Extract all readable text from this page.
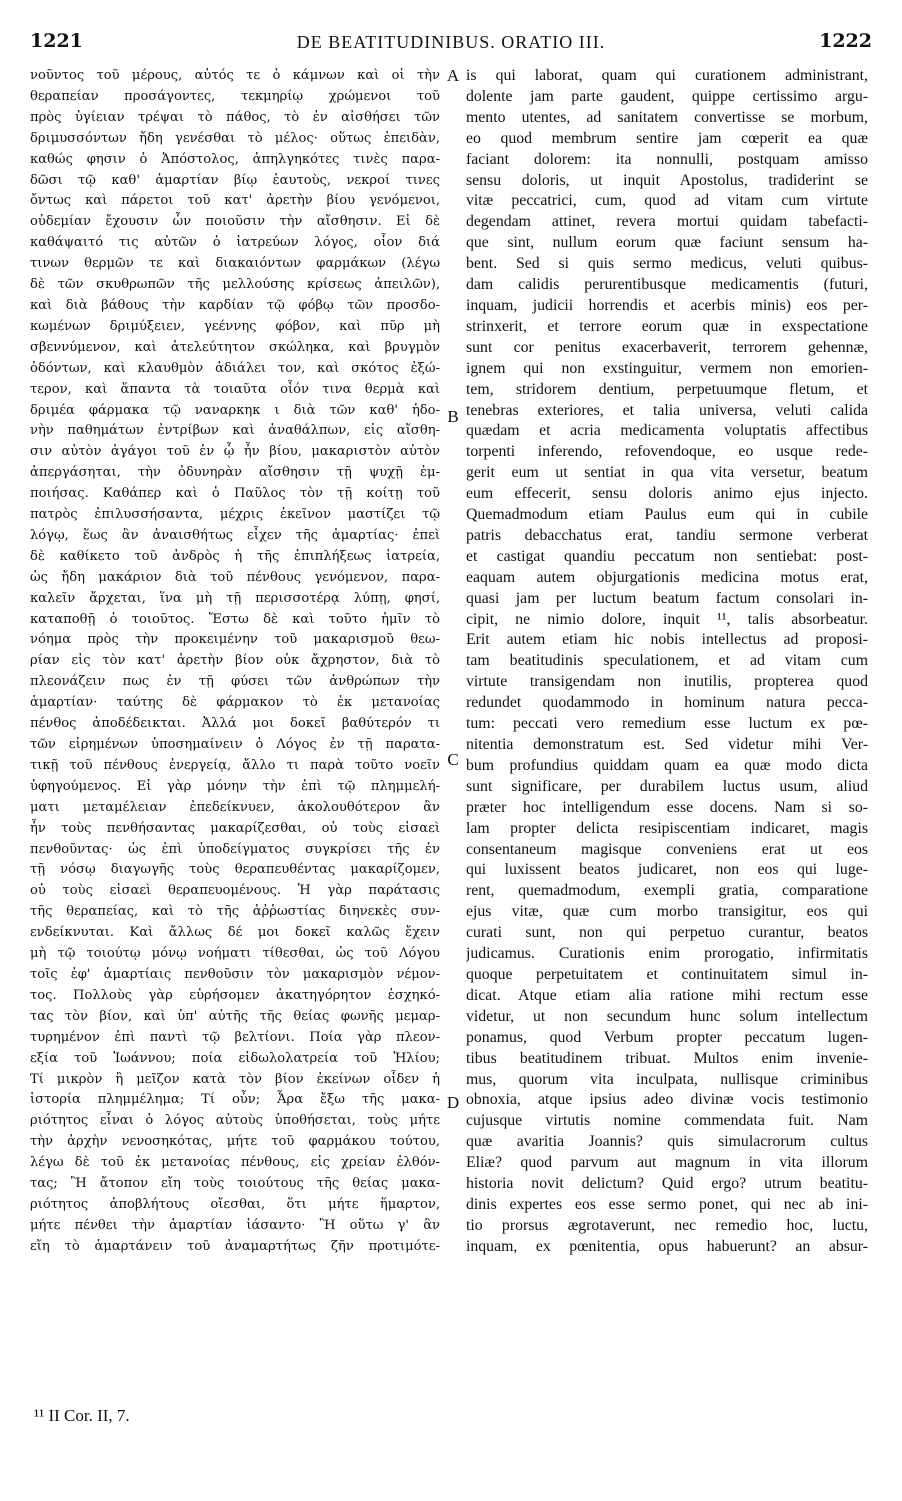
1221	DE BEATITUDINIBUS. ORATIO III.	1222
νοῦντος τοῦ μέρους, αὐτός τε ὁ κάμνων καὶ οἱ τὴν
θεραπείαν προσάγοντες, τεκμηρίῳ χρώμενοι τοῦ
πρὸς ὑγίειαν τρέψαι τὸ πάθος, τὸ ἐν αἰσθήσει τῶν
δριμυσσόντων ἤδη γενέσθαι τὸ μέλος· οὕτως ἐπειδὰν,
καθώς φησιν ὁ Ἀπόστολος, ἀπηλγηκότες τινὲς παρα-
δῶσι τῷ καθ' ἁμαρτίαν βίῳ ἑαυτοὺς, νεκροί τινες
ὄντως καὶ πάρετοι τοῦ κατ' ἀρετὴν βίου γενόμενοι,
οὐδεμίαν ἔχουσιν ὧν ποιοῦσιν τὴν αἴσθησιν. Εἰ δὲ
καθάψαιτό τις αὐτῶν ὁ ἰατρεύων λόγος, οἷον διά
τινων θερμῶν τε καὶ διακαιόντων φαρμάκων (λέγω
δὲ τῶν σκυθρωπῶν τῆς μελλούσης κρίσεως ἀπειλῶν),
καὶ διὰ βάθους τὴν καρδίαν τῷ φόβῳ τῶν προσδο-
κωμένων δριμύξειεν, γεέννης φόβον, καὶ πῦρ μὴ
σβεννύμενον, καὶ ἀτελεύτητον σκώληκα, καὶ βρυγμὸν
ὀδόντων, καὶ κλαυθμὸν ἀδιάλει τον, καὶ σκότος ἐξώ-
τερον, καὶ ἅπαντα τὰ τοιαῦτα οἷόν τινα θερμὰ καὶ
δριμέα φάρμακα τῷ ναναρκηκ ι διὰ τῶν καθ' ἡδο-
νὴν παθημάτων ἐντρίβων καὶ ἀναθάλπων, εἰς αἴσθη-
σιν αὐτὸν ἀγάγοι τοῦ ἐν ᾧ ἦν βίου, μακαριστὸν αὐτὸν
ἀπεργάσηται, τὴν ὀδυνηρὰν αἴσθησιν τῇ ψυχῇ ἐμ-
ποιήσας. Καθάπερ καὶ ὁ Παῦλος τὸν τῇ κοίτῃ τοῦ
πατρὸς ἐπιλυσσήσαντα, μέχρις ἐκεῖνον μαστίζει τῷ
λόγῳ, ἕως ἂν ἀναισθήτως εἶχεν τῆς ἁμαρτίας· ἐπεὶ
δὲ καθίκετο τοῦ ἀνδρὸς ἡ τῆς ἐπιπλήξεως ἰατρεία,
ὡς ἤδη μακάριον διὰ τοῦ πένθους γενόμενον, παρα-
καλεῖν ἄρχεται, ἵνα μὴ τῇ περισσοτέρᾳ λύπῃ, φησί,
καταποθῇ ὁ τοιοῦτος. Ἔστω δὲ καὶ τοῦτο ἡμῖν τὸ
νόημα πρὸς τὴν προκειμένην τοῦ μακαρισμοῦ θεω-
ρίαν εἰς τὸν κατ' ἀρετὴν βίον οὐκ ἄχρηστον, διὰ τὸ
πλεονάζειν πως ἐν τῇ φύσει τῶν ἀνθρώπων τὴν
ἁμαρτίαν· ταύτης δὲ φάρμακον τὸ ἐκ μετανοίας
πένθος ἀποδέδεικται. Ἀλλά μοι δοκεῖ βαθύτερόν τι
τῶν εἰρημένων ὑποσημαίνειν ὁ Λόγος ἐν τῇ παρατα-
τικῇ τοῦ πένθους ἐνεργείᾳ, ἄλλο τι παρὰ τοῦτο νοεῖν
ὑφηγούμενος. Εἰ γὰρ μόνην τὴν ἐπὶ τῷ πλημμελή-
ματι μεταμέλειαν ἐπεδείκνυεν, ἀκολουθότερον ἂν
ἦν τοὺς πενθήσαντας μακαρίζεσθαι, οὐ τοὺς εἰσαεὶ
πενθοῦντας· ὡς ἐπὶ ὑποδείγματος συγκρίσει τῆς ἐν
τῇ νόσῳ διαγωγῆς τοὺς θεραπευθέντας μακαρίζομεν,
οὐ τοὺς εἰσαεὶ θεραπευομένους. Ἡ γὰρ παράτασις
τῆς θεραπείας, καὶ τὸ τῆς ἀῤῥωστίας διηνεκὲς συν-
ενδείκνυται. Καὶ ἄλλως δέ μοι δοκεῖ καλῶς ἔχειν
μὴ τῷ τοιούτῳ μόνῳ νοήματι τίθεσθαι, ὡς τοῦ Λόγου
τοῖς ἐφ' ἁμαρτίαις πενθοῦσιν τὸν μακαρισμὸν νέμον-
τος. Πολλοὺς γὰρ εὑρήσομεν ἀκατηγόρητον ἐσχηκό-
τας τὸν βίον, καὶ ὑπ' αὐτῆς τῆς θείας φωνῆς μεμαρ-
τυρημένον ἐπὶ παντὶ τῷ βελτίονι. Ποία γὰρ πλεον-
εξία τοῦ Ἰωάννου; ποία εἰδωλολατρεία τοῦ Ἡλίου;
Τί μικρὸν ἢ μεῖζον κατὰ τὸν βίον ἐκείνων οἶδεν ἡ
ἱστορία πλημμέλημα; Τί οὖν; Ἆρα ἔξω τῆς μακα-
ριότητος εἶναι ὁ λόγος αὐτοὺς ὑποθήσεται, τοὺς μήτε
τὴν ἀρχὴν νενοσηκότας, μήτε τοῦ φαρμάκου τούτου,
λέγω δὲ τοῦ ἐκ μετανοίας πένθους, εἰς χρείαν ἐλθόν-
τας; Ἢ ἄτοπον εἴη τοὺς τοιούτους τῆς θείας μακα-
ριότητος ἀποβλήτους οἴεσθαι, ὅτι μήτε ἥμαρτον,
μήτε πένθει τὴν ἁμαρτίαν ἰάσαντο· Ἢ οὕτω γ' ἂν
εἴη τὸ ἁμαρτάνειν τοῦ ἀναμαρτήτως ζῆν προτιμότε-
A
B
C
D
is qui laborat, quam qui curationem administrant,
dolente jam parte gaudent, quippe certissimo argu-
mento utentes, ad sanitatem convertisse se morbum,
eo quod membrum sentire jam cœperit ea quæ
faciant dolorem: ita nonnulli, postquam amisso
sensu doloris, ut inquit Apostolus, tradiderint se
vitæ peccatrici, cum, quod ad vitam cum virtute
degendam attinet, revera mortui quidam tabefacti-
que sint, nullum eorum quæ faciunt sensum ha-
bent. Sed si quis sermo medicus, veluti quibus-
dam calidis perurentibusque medicamentis (futuri,
inquam, judicii horrendis et acerbis minis) eos per-
strinxerit, et terrore eorum quæ in exspectatione
sunt cor penitus exacerbaverit, terrorem gehennæ,
ignem qui non exstinguitur, vermem non emorien-
tem, stridorem dentium, perpetuumque fletum, et
tenebras exteriores, et talia universa, veluti calida
quædam et acria medicamenta voluptatis affectibus
torpenti inferendo, refovendoque, eo usque rede-
gerit eum ut sentiat in qua vita versetur, beatum
eum effecerit, sensu doloris animo ejus injecto.
Quemadmodum etiam Paulus eum qui in cubile
patris debacchatus erat, tandiu sermone verberat
et castigat quandiu peccatum non sentiebat: post-
eaquam autem objurgationis medicina motus erat,
quasi jam per luctum beatum factum consolari in-
cipit, ne nimio dolore, inquit ¹¹, talis absorbeatur.
Erit autem etiam hic nobis intellectus ad proposi-
tam beatitudinis speculationem, et ad vitam cum
virtute transigendam non inutilis, propterea quod
redundet quodammodo in hominum natura pecca-
tum: peccati vero remedium esse luctum ex pœ-
nitentia demonstratum est. Sed videtur mihi Ver-
bum profundius quiddam quam ea quæ modo dicta
sunt significare, per durabilem luctus usum, aliud
præter hoc intelligendum esse docens. Nam si so-
lam propter delicta resipiscentiam indicaret, magis
consentaneum magisque conveniens erat ut eos
qui luxissent beatos judicaret, non eos qui luge-
rent, quemadmodum, exempli gratia, comparatione
ejus vitæ, quæ cum morbo transigitur, eos qui
curati sunt, non qui perpetuo curantur, beatos
judicamus. Curationis enim prorogatio, infirmitatis
quoque perpetuitatem et continuitatem simul in-
dicat. Atque etiam alia ratione mihi rectum esse
videtur, ut non secundum hunc solum intellectum
ponamus, quod Verbum propter peccatum lugen-
tibus beatitudinem tribuat. Multos enim invenie-
mus, quorum vita inculpata, nullisque criminibus
obnoxia, atque ipsius adeo divinæ vocis testimonio
cujusque virtutis nomine commendata fuit. Nam
quæ avaritia Joannis? quis simulacrorum cultus
Eliæ? quod parvum aut magnum in vita illorum
historia novit delictum? Quid ergo? utrum beatitu-
dinis expertes eos esse sermo ponet, qui nec ab ini-
tio prorsus ægrotaverunt, nec remedio hoc, luctu,
inquam, ex pœnitentia, opus habuerunt? an absur-
¹¹ II Cor. II, 7.
